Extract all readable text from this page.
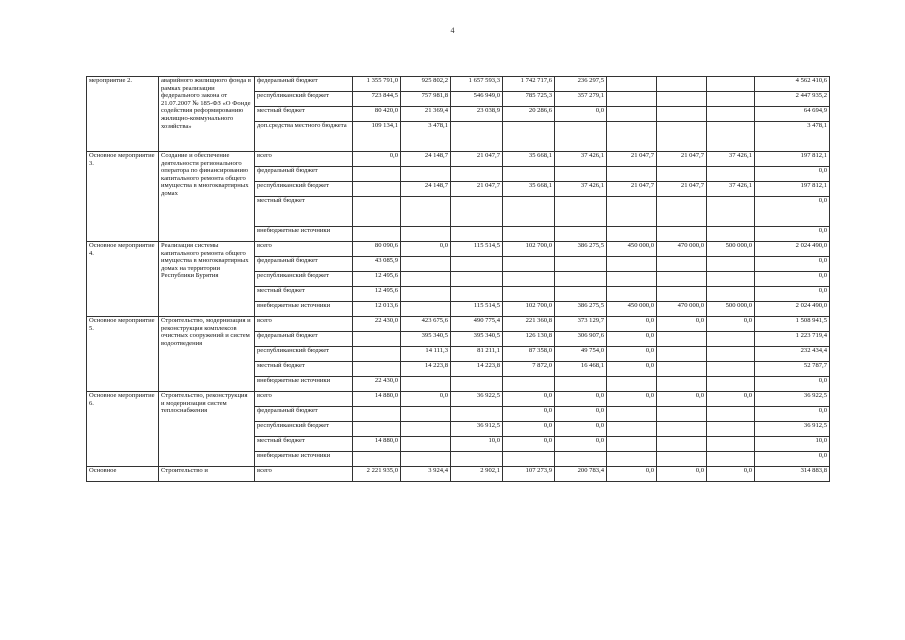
4
мероприятие 2.	аварийного жилищного фонда в рамках реализации федерального закона от 21.07.2007 № 185-ФЗ «О Фонде содействия реформированию жилищно-коммунального хозяйства»	федеральный бюджет	1 355 791,0	925 802,2	1 657 593,3	1 742 717,6	236 297,5				4 562 410,6
		республиканский бюджет	723 844,5	757 981,8	546 949,0	785 725,3	357 279,1				2 447 935,2
		местный бюджет	80 420,0	21 369,4	23 038,9	20 286,6	0,0				64 694,9
		доп.средства местного бюджета	109 134,1	3 478,1							3 478,1
Основное мероприятие 3.	Создание и обеспечение деятельности регионального оператора по финансированию капитального ремонта общего имущества в многоквартирных домах	всего	0,0	24 148,7	21 047,7	35 668,1	37 426,1	21 047,7	21 047,7	37 426,1	197 812,1
		федеральный бюджет									0,0
		республиканский бюджет		24 148,7	21 047,7	35 668,1	37 426,1	21 047,7	21 047,7	37 426,1	197 812,1
		местный бюджет									0,0
		внебюджетные источники									0,0
Основное мероприятие 4.	Реализация системы капитального ремонта общего имущества в многоквартирных домах на территории Республики Бурятия	всего	80 090,6	0,0	115 514,5	102 700,0	386 275,5	450 000,0	470 000,0	500 000,0	2 024 490,0
		федеральный бюджет	43 085,9								0,0
		республиканский бюджет	12 495,6								0,0
		местный бюджет	12 495,6								0,0
		внебюджетные источники	12 013,6		115 514,5	102 700,0	386 275,5	450 000,0	470 000,0	500 000,0	2 024 490,0
Основное мероприятие 5.	Строительство, модернизация и реконструкция комплексов очистных сооружений и систем водоотведения	всего	22 430,0	423 675,6	490 775,4	221 360,8	373 129,7	0,0	0,0	0,0	1 508 941,5
		федеральный бюджет		395 340,5	395 340,5	126 130,8	306 907,6	0,0			1 223 719,4
		республиканский бюджет		14 111,3	81 211,1	87 358,0	49 754,0	0,0			232 434,4
		местный бюджет		14 223,8	14 223,8	7 872,0	16 468,1	0,0			52 787,7
		внебюджетные источники	22 430,0								0,0
Основное мероприятие 6.	Строительство, реконструкция и модернизация систем теплоснабжения	всего	14 880,0	0,0	36 922,5	0,0	0,0	0,0	0,0	0,0	36 922,5
		федеральный бюджет				0,0	0,0				0,0
		республиканский бюджет			36 912,5	0,0	0,0				36 912,5
		местный бюджет	14 880,0		10,0	0,0	0,0				10,0
		внебюджетные источники									0,0
Основное	Строительство и	всего	2 221 935,0	3 924,4	2 902,1	107 273,9	200 783,4	0,0	0,0	0,0	314 883,8
